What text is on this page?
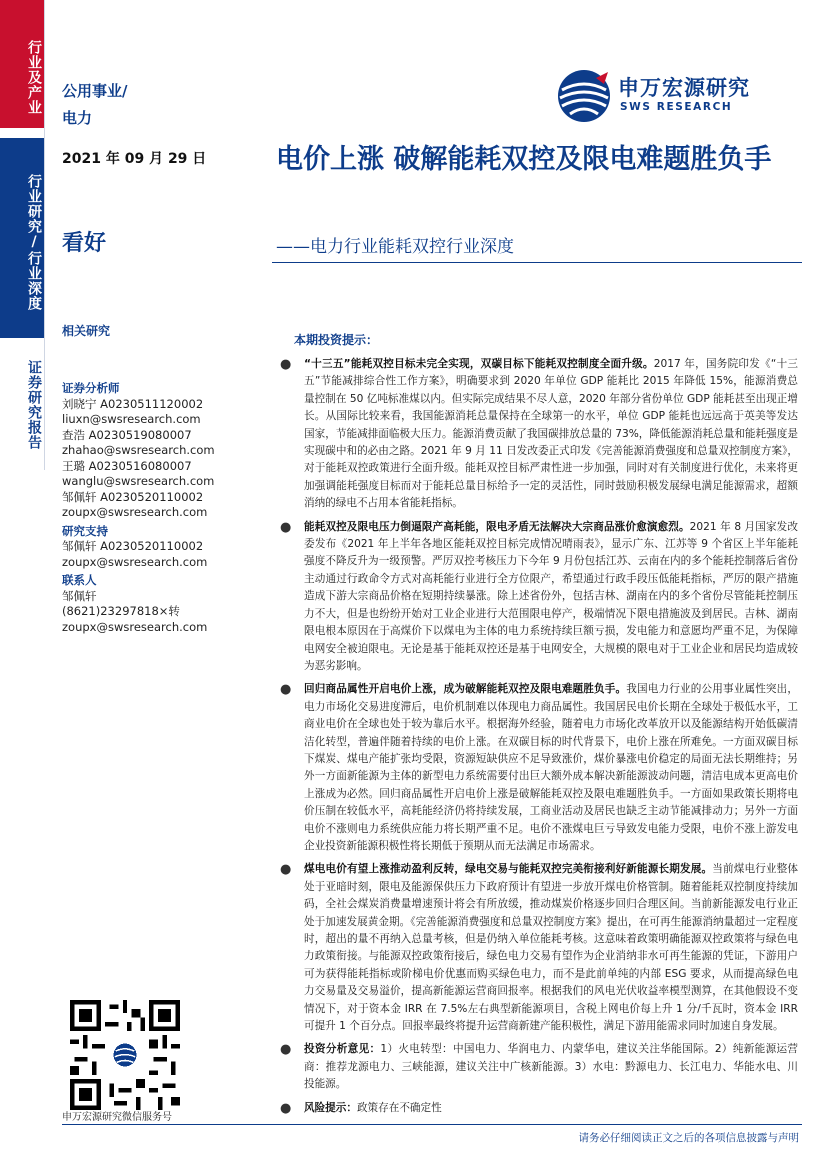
行业及产业
行业研究/行业深度
证券研究报告
公用事业/
电力
2021 年 09 月 29 日
看好
相关研究
证券分析师
刘晓宁 A0230511120002
liuxn@swsresearch.com
查浩 A0230519080007
zhahao@swsresearch.com
王璐 A0230516080007
wanglu@swsresearch.com
邹佩轩 A0230520110002
zoupx@swsresearch.com
研究支持
邹佩轩 A0230520110002
zoupx@swsresearch.com
联系人
邹佩轩
(8621)23297818×转
zoupx@swsresearch.com
申万宏源研究
SWS RESEARCH
电价上涨 破解能耗双控及限电难题胜负手
——电力行业能耗双控行业深度
本期投资提示：
● “十三五”能耗双控目标未完全实现，双碳目标下能耗双控制度全面升级。2017 年，国务院印发《“十三五”节能减排综合性工作方案》，明确要求到 2020 年单位 GDP 能耗比 2015 年降低 15%，能源消费总量控制在 50 亿吨标准煤以内。但实际完成结果不尽人意，2020 年部分省份单位 GDP 能耗甚至出现正增长。从国际比较来看，我国能源消耗总量保持在全球第一的水平，单位 GDP 能耗也远远高于英美等发达国家，节能减排面临极大压力。能源消费贡献了我国碳排放总量的 73%，降低能源消耗总量和能耗强度是实现碳中和的必由之路。2021 年 9 月 11 日发改委正式印发《完善能源消费强度和总量双控制度方案》，对于能耗双控政策进行全面升级。能耗双控目标严肃性进一步加强，同时对有关制度进行优化，未来将更加强调能耗强度目标而对于能耗总量目标给予一定的灵活性，同时鼓励积极发展绿电满足能源需求，超额消纳的绿电不占用本省能耗指标。
● 能耗双控及限电压力倒逼限产高耗能，限电矛盾无法解决大宗商品涨价愈演愈烈。2021 年 8 月国家发改委发布《2021 年上半年各地区能耗双控目标完成情况晴雨表》，显示广东、江苏等 9 个省区上半年能耗强度不降反升为一级预警。严厉双控考核压力下今年 9 月份包括江苏、云南在内的多个能耗控制落后省份主动通过行政命令方式对高耗能行业进行全方位限产，希望通过行政手段压低能耗指标，严厉的限产措施造成下游大宗商品价格在短期持续暴涨。除上述省份外，包括吉林、湖南在内的多个省份尽管能耗控制压力不大，但是也纷纷开始对工业企业进行大范围限电停产，极端情况下限电措施波及到居民。吉林、湖南限电根本原因在于高煤价下以煤电为主体的电力系统持续巨额亏损，发电能力和意愿均严重不足，为保障电网安全被迫限电。无论是基于能耗双控还是基于电网安全，大规模的限电对于工业企业和居民均造成较为恶劣影响。
● 回归商品属性开启电价上涨，成为破解能耗双控及限电难题胜负手。我国电力行业的公用事业属性突出，电力市场化交易进度滞后，电价机制难以体现电力商品属性。我国居民电价长期在全球处于极低水平，工商业电价在全球也处于较为靠后水平。根据海外经验，随着电力市场化改革放开以及能源结构开始低碳清洁化转型，普遍伴随着持续的电价上涨。在双碳目标的时代背景下，电价上涨在所难免。一方面双碳目标下煤炭、煤电产能扩张均受限，资源短缺供应不足导致涨价，煤价暴涨电价稳定的局面无法长期维持；另外一方面新能源为主体的新型电力系统需要付出巨大额外成本解决新能源波动问题，清洁电成本更高电价上涨成为必然。回归商品属性开启电价上涨是破解能耗双控及限电难题胜负手。一方面如果政策长期将电价压制在较低水平，高耗能经济仍将持续发展，工商业活动及居民也缺乏主动节能减排动力；另外一方面电价不涨则电力系统供应能力将长期严重不足。电价不涨煤电巨亏导致发电能力受限，电价不涨上游发电企业投资新能源积极性将长期低于预期从而无法满足市场需求。
● 煤电电价有望上涨推动盈利反转，绿电交易与能耗双控完美衔接利好新能源长期发展。当前煤电行业整体处于亚暗时刻，限电及能源保供压力下政府预计有望进一步放开煤电价格管制。随着能耗双控制度持续加码，全社会煤炭消费量增速预计将会有所放缓，推动煤炭价格逐步回归合理区间。当前新能源发电行业正处于加速发展黄金期。《完善能源消费强度和总量双控制度方案》提出，在可再生能源消纳量超过一定程度时，超出的量不再纳入总量考核，但是仍纳入单位能耗考核。这意味着政策明确能源双控政策将与绿色电力政策衔接。与能源双控政策衔接后，绿色电力交易有望作为企业消纳非水可再生能源的凭证，下游用户可为获得能耗指标或阶梯电价优惠而购买绿色电力，而不是此前单纯的内部 ESG 要求，从而提高绿色电力交易量及交易溢价，提高新能源运营商回报率。根据我们的风电光伏收益率模型测算，在其他假设不变情况下，对于资本金 IRR 在 7.5%左右典型新能源项目，含税上网电价每上升 1 分/千瓦时，资本金 IRR 可提升 1 个百分点。回报率最终将提升运营商新建产能积极性，满足下游用能需求同时加速自身发展。
● 投资分析意见：1）火电转型：中国电力、华润电力、内蒙华电，建议关注华能国际。2）纯新能源运营商：推荐龙源电力、三峡能源，建议关注中广核新能源。3）水电：黔源电力、长江电力、华能水电、川投能源。
● 风险提示：政策存在不确定性
申万宏源研究微信服务号
请务必仔细阅读正文之后的各项信息披露与声明
